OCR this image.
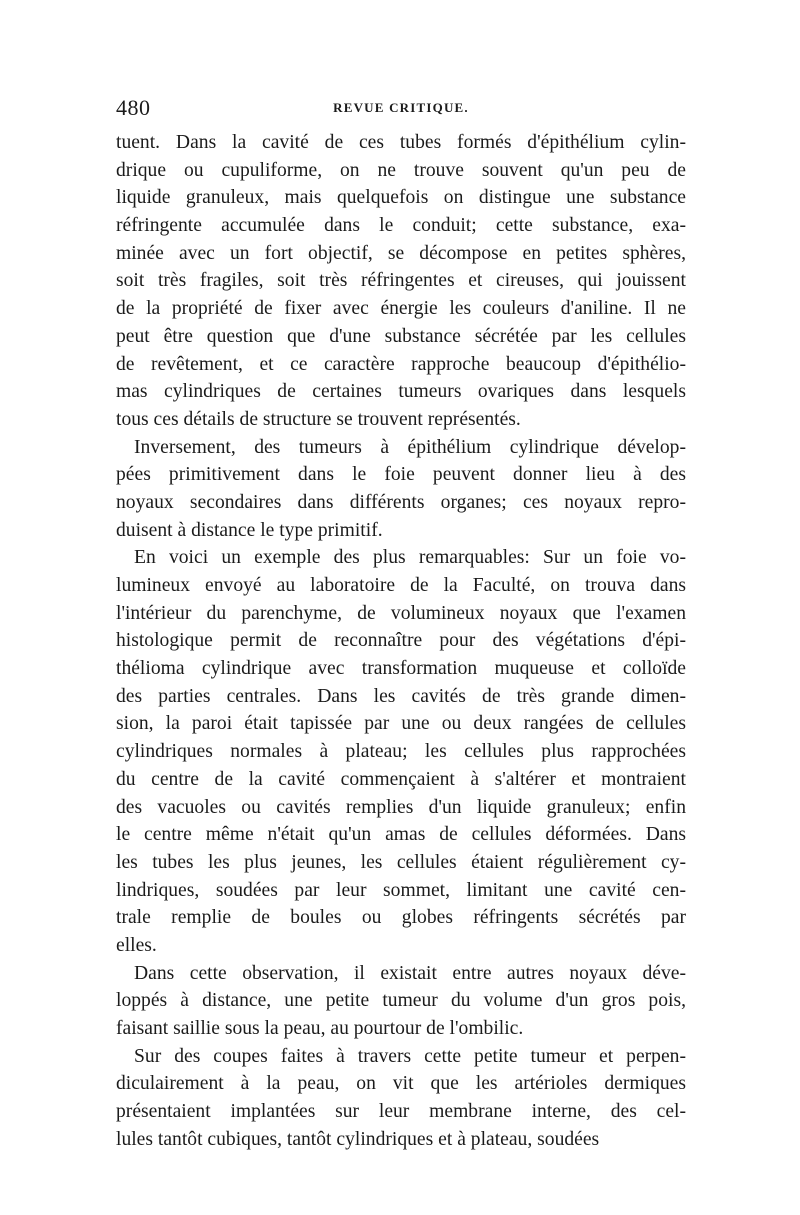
480	REVUE CRITIQUE.
tuent. Dans la cavité de ces tubes formés d'épithélium cylin-
drique ou cupuliforme, on ne trouve souvent qu'un peu de
liquide granuleux, mais quelquefois on distingue une substance
réfringente accumulée dans le conduit; cette substance, exa-
minée avec un fort objectif, se décompose en petites sphères,
soit très fragiles, soit très réfringentes et cireuses, qui jouissent
de la propriété de fixer avec énergie les couleurs d'aniline. Il ne
peut être question que d'une substance sécrétée par les cellules
de revêtement, et ce caractère rapproche beaucoup d'épithélio-
mas cylindriques de certaines tumeurs ovariques dans lesquels
tous ces détails de structure se trouvent représentés.
Inversement, des tumeurs à épithélium cylindrique dévelop-
pées primitivement dans le foie peuvent donner lieu à des
noyaux secondaires dans différents organes; ces noyaux repro-
duisent à distance le type primitif.
En voici un exemple des plus remarquables: Sur un foie vo-
lumineux envoyé au laboratoire de la Faculté, on trouva dans
l'intérieur du parenchyme, de volumineux noyaux que l'examen
histologique permit de reconnaître pour des végétations d'épi-
thélioma cylindrique avec transformation muqueuse et colloïde
des parties centrales. Dans les cavités de très grande dimen-
sion, la paroi était tapissée par une ou deux rangées de cellules
cylindriques normales à plateau; les cellules plus rapprochées
du centre de la cavité commençaient à s'altérer et montraient
des vacuoles ou cavités remplies d'un liquide granuleux; enfin
le centre même n'était qu'un amas de cellules déformées. Dans
les tubes les plus jeunes, les cellules étaient régulièrement cy-
lindriques, soudées par leur sommet, limitant une cavité cen-
trale remplie de boules ou globes réfringents sécrétés par
elles.
Dans cette observation, il existait entre autres noyaux déve-
loppés à distance, une petite tumeur du volume d'un gros pois,
faisant saillie sous la peau, au pourtour de l'ombilic.
Sur des coupes faites à travers cette petite tumeur et perpen-
diculairement à la peau, on vit que les artérioles dermiques
présentaient implantées sur leur membrane interne, des cel-
lules tantôt cubiques, tantôt cylindriques et à plateau, soudées
